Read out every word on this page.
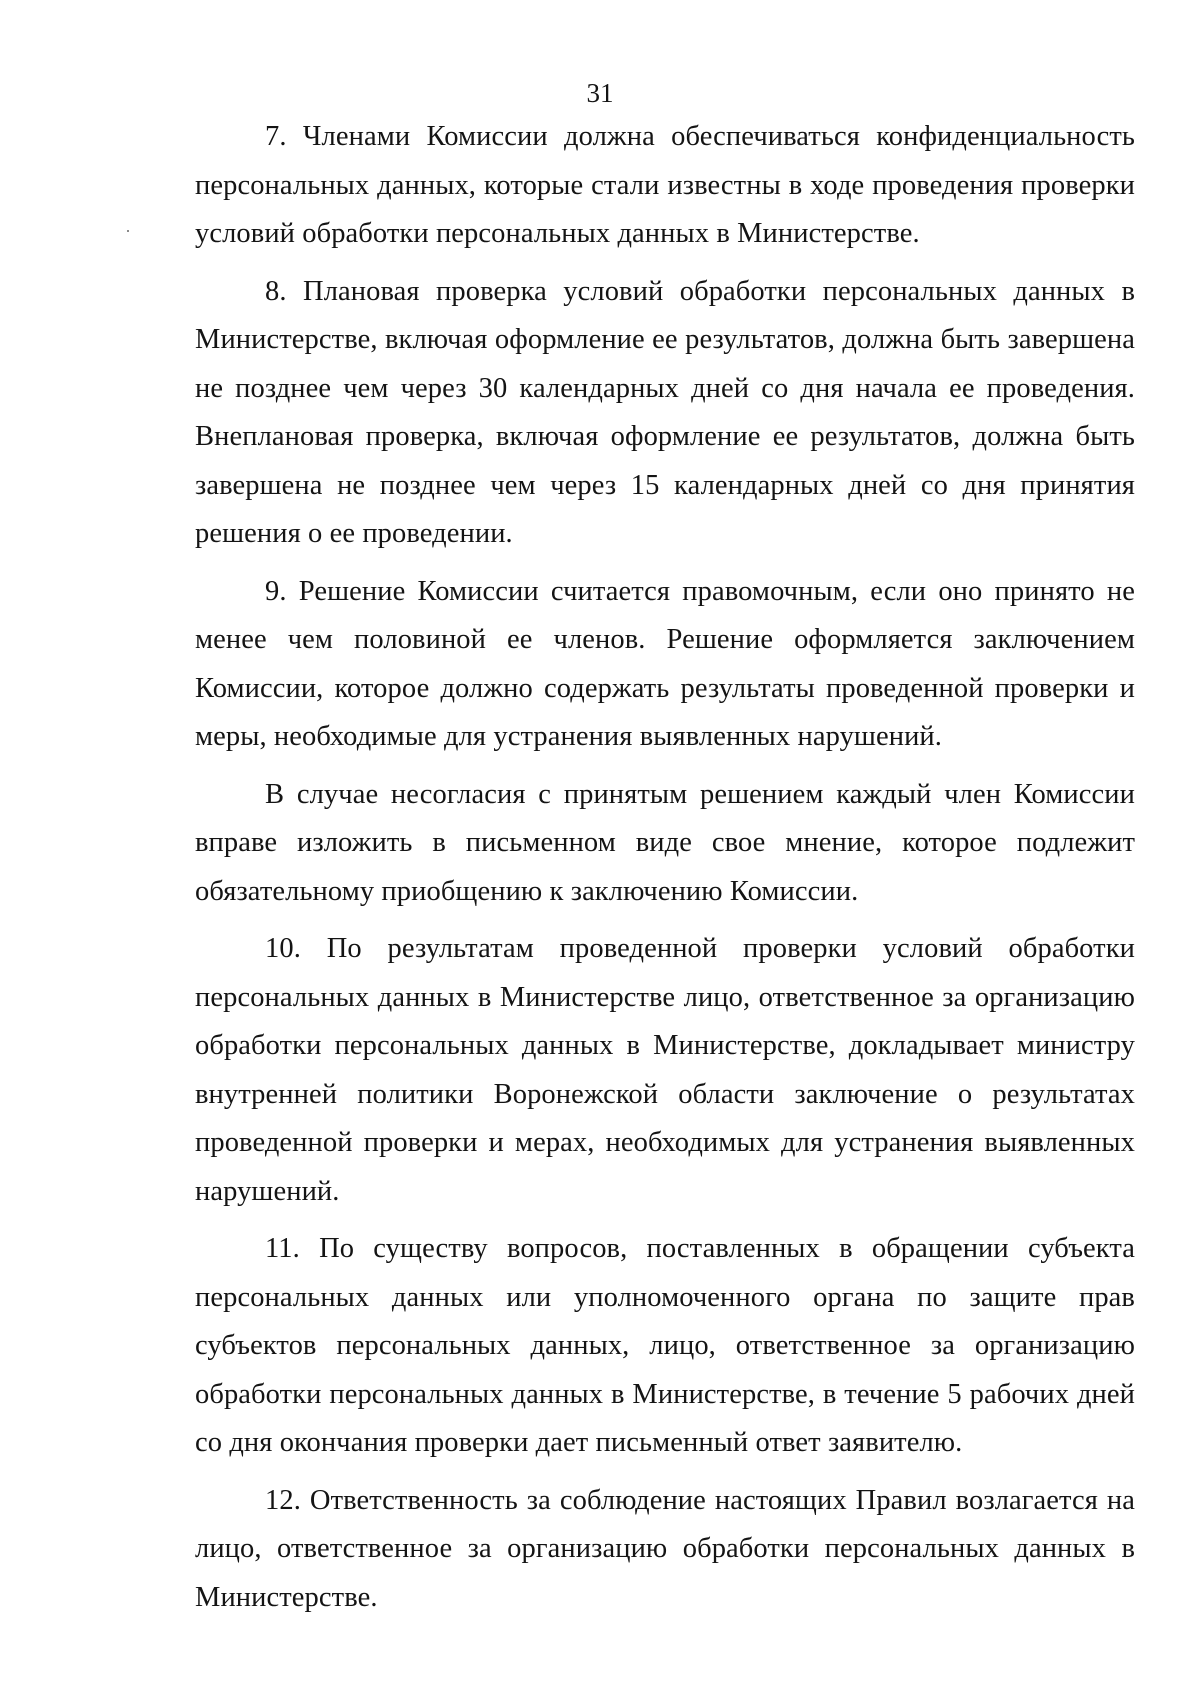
31

7. Членами Комиссии должна обеспечиваться конфиденциальность персональных данных, которые стали известны в ходе проведения проверки условий обработки персональных данных в Министерстве.

8. Плановая проверка условий обработки персональных данных в Министерстве, включая оформление ее результатов, должна быть завершена не позднее чем через 30 календарных дней со дня начала ее проведения. Внеплановая проверка, включая оформление ее результатов, должна быть завершена не позднее чем через 15 календарных дней со дня принятия решения о ее проведении.

9. Решение Комиссии считается правомочным, если оно принято не менее чем половиной ее членов. Решение оформляется заключением Комиссии, которое должно содержать результаты проведенной проверки и меры, необходимые для устранения выявленных нарушений.

В случае несогласия с принятым решением каждый член Комиссии вправе изложить в письменном виде свое мнение, которое подлежит обязательному приобщению к заключению Комиссии.

10. По результатам проведенной проверки условий обработки персональных данных в Министерстве лицо, ответственное за организацию обработки персональных данных в Министерстве, докладывает министру внутренней политики Воронежской области заключение о результатах проведенной проверки и мерах, необходимых для устранения выявленных нарушений.

11. По существу вопросов, поставленных в обращении субъекта персональных данных или уполномоченного органа по защите прав субъектов персональных данных, лицо, ответственное за организацию обработки персональных данных в Министерстве, в течение 5 рабочих дней со дня окончания проверки дает письменный ответ заявителю.

12. Ответственность за соблюдение настоящих Правил возлагается на лицо, ответственное за организацию обработки персональных данных в Министерстве.
